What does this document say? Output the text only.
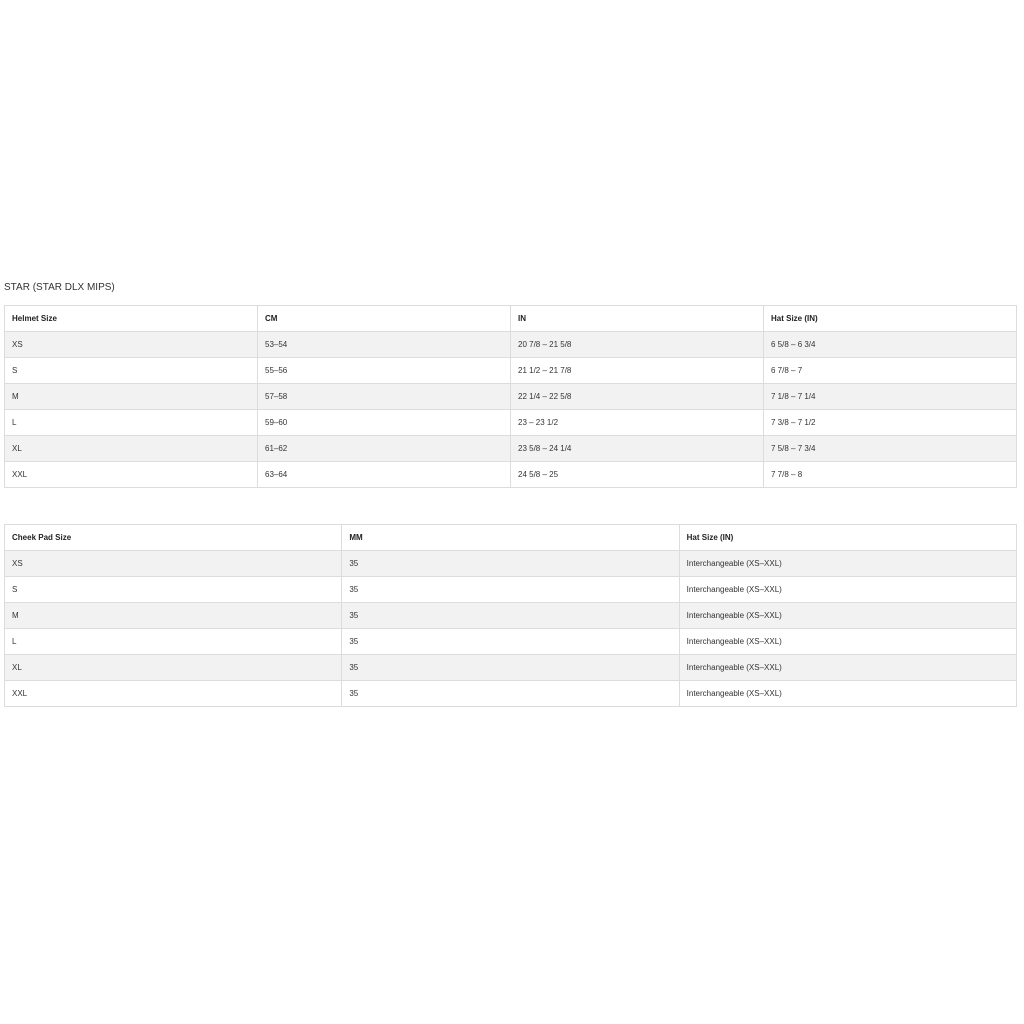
STAR (STAR DLX MIPS)
Helmet Size	CM	IN	Hat Size (IN)
XS	53–54	20 7/8 – 21 5/8	6 5/8 – 6 3/4
S	55–56	21 1/2 – 21 7/8	6 7/8 – 7
M	57–58	22 1/4 – 22 5/8	7 1/8 – 7 1/4
L	59–60	23 – 23 1/2	7 3/8 – 7 1/2
XL	61–62	23 5/8 – 24 1/4	7 5/8 – 7 3/4
XXL	63–64	24 5/8 – 25	7 7/8 – 8
Cheek Pad Size	MM	Hat Size (IN)
XS	35	Interchangeable (XS–XXL)
S	35	Interchangeable (XS–XXL)
M	35	Interchangeable (XS–XXL)
L	35	Interchangeable (XS–XXL)
XL	35	Interchangeable (XS–XXL)
XXL	35	Interchangeable (XS–XXL)
